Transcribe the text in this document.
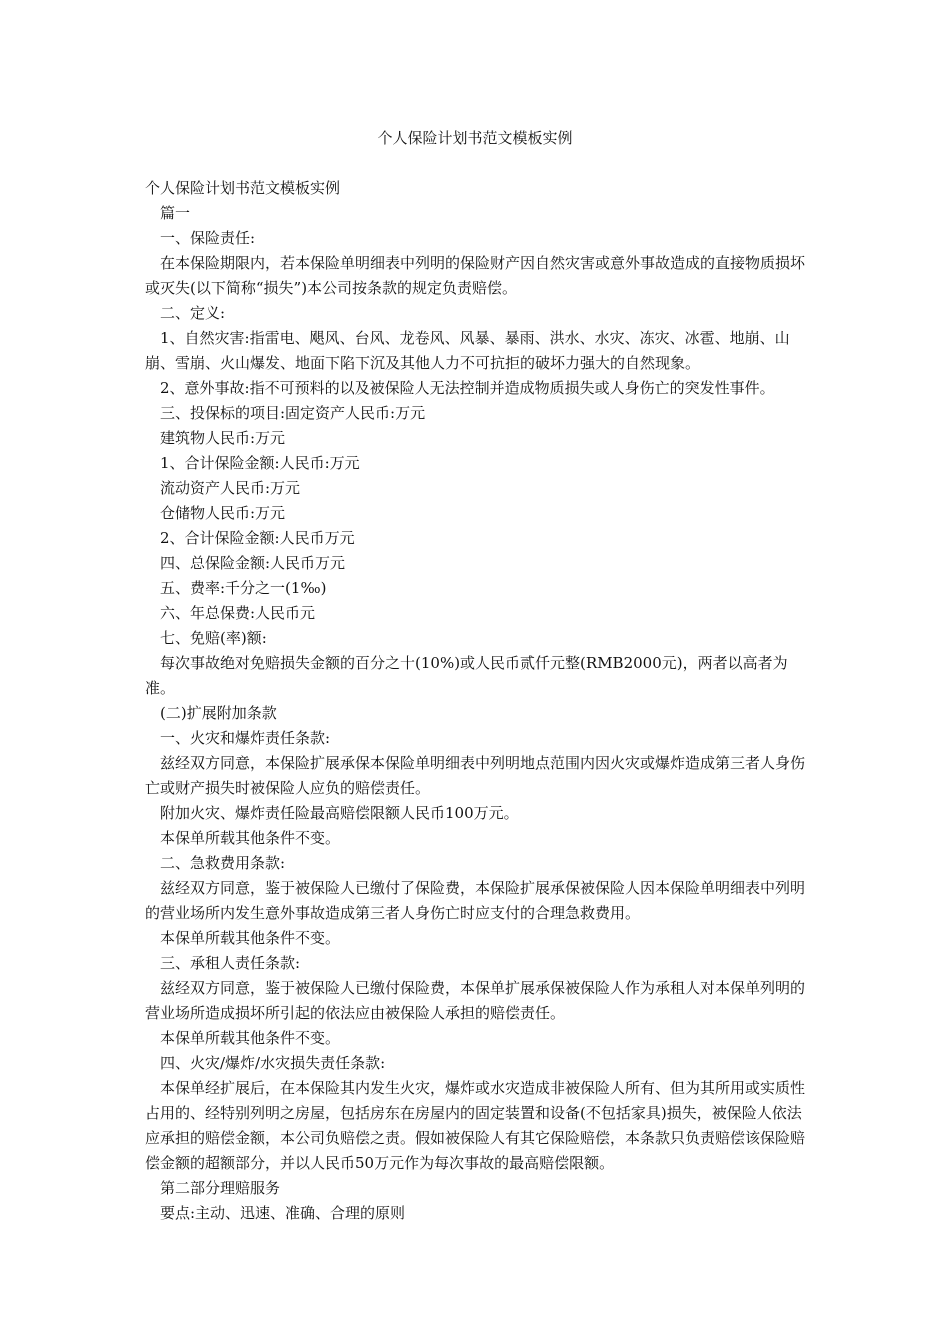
个人保险计划书范文模板实例

个人保险计划书范文模板实例

篇一

一、保险责任:

在本保险期限内，若本保险单明细表中列明的保险财产因自然灾害或意外事故造成的直接物质损坏或灭失(以下简称“损失”)本公司按条款的规定负责赔偿。

二、定义:

1、自然灾害:指雷电、飓风、台风、龙卷风、风暴、暴雨、洪水、水灾、冻灾、冰雹、地崩、山崩、雪崩、火山爆发、地面下陷下沉及其他人力不可抗拒的破坏力强大的自然现象。

2、意外事故:指不可预料的以及被保险人无法控制并造成物质损失或人身伤亡的突发性事件。

三、投保标的项目:固定资产人民币:万元

建筑物人民币:万元

1、合计保险金额:人民币:万元

流动资产人民币:万元

仓储物人民币:万元

2、合计保险金额:人民币万元

四、总保险金额:人民币万元

五、费率:千分之一(1‰)

六、年总保费:人民币元

七、免赔(率)额:

每次事故绝对免赔损失金额的百分之十(10%)或人民币贰仟元整(RMB2000元)，两者以高者为准。

(二)扩展附加条款

一、火灾和爆炸责任条款:

兹经双方同意，本保险扩展承保本保险单明细表中列明地点范围内因火灾或爆炸造成第三者人身伤亡或财产损失时被保险人应负的赔偿责任。

附加火灾、爆炸责任险最高赔偿限额人民币100万元。

本保单所载其他条件不变。

二、急救费用条款:

兹经双方同意，鉴于被保险人已缴付了保险费，本保险扩展承保被保险人因本保险单明细表中列明的营业场所内发生意外事故造成第三者人身伤亡时应支付的合理急救费用。

本保单所载其他条件不变。

三、承租人责任条款:

兹经双方同意，鉴于被保险人已缴付保险费，本保单扩展承保被保险人作为承租人对本保单列明的营业场所造成损坏所引起的依法应由被保险人承担的赔偿责任。

本保单所载其他条件不变。

四、火灾/爆炸/水灾损失责任条款:

本保单经扩展后，在本保险其内发生火灾，爆炸或水灾造成非被保险人所有、但为其所用或实质性占用的、经特别列明之房屋，包括房东在房屋内的固定装置和设备(不包括家具)损失，被保险人依法应承担的赔偿金额，本公司负赔偿之责。假如被保险人有其它保险赔偿，本条款只负责赔偿该保险赔偿金额的超额部分，并以人民币50万元作为每次事故的最高赔偿限额。

第二部分理赔服务

要点:主动、迅速、准确、合理的原则
